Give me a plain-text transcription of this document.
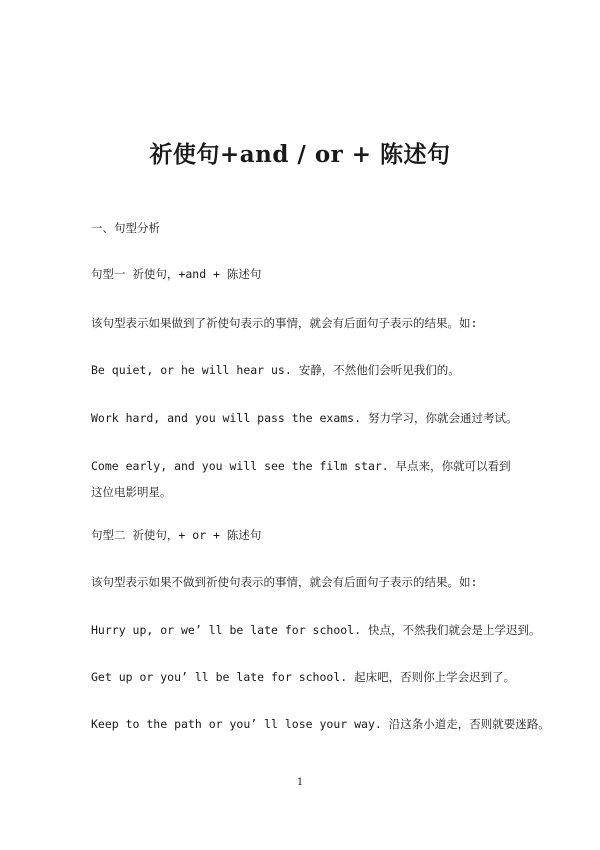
祈使句+and / or + 陈述句
一、句型分析
句型一 祈使句，+and + 陈述句
该句型表示如果做到了祈使句表示的事情，就会有后面句子表示的结果。如:
Be quiet, or he will hear us. 安静，不然他们会听见我们的。
Work hard, and you will pass the exams. 努力学习，你就会通过考试。
Come early, and you will see the film star. 早点来，你就可以看到这位电影明星。
句型二 祈使句，+ or + 陈述句
该句型表示如果不做到祈使句表示的事情，就会有后面句子表示的结果。如:
Hurry up, or we’ ll be late for school. 快点，不然我们就会是上学迟到。
Get up or you’ ll be late for school. 起床吧，否则你上学会迟到了。
Keep to the path or you’ ll lose your way. 沿这条小道走，否则就要迷路。
1
